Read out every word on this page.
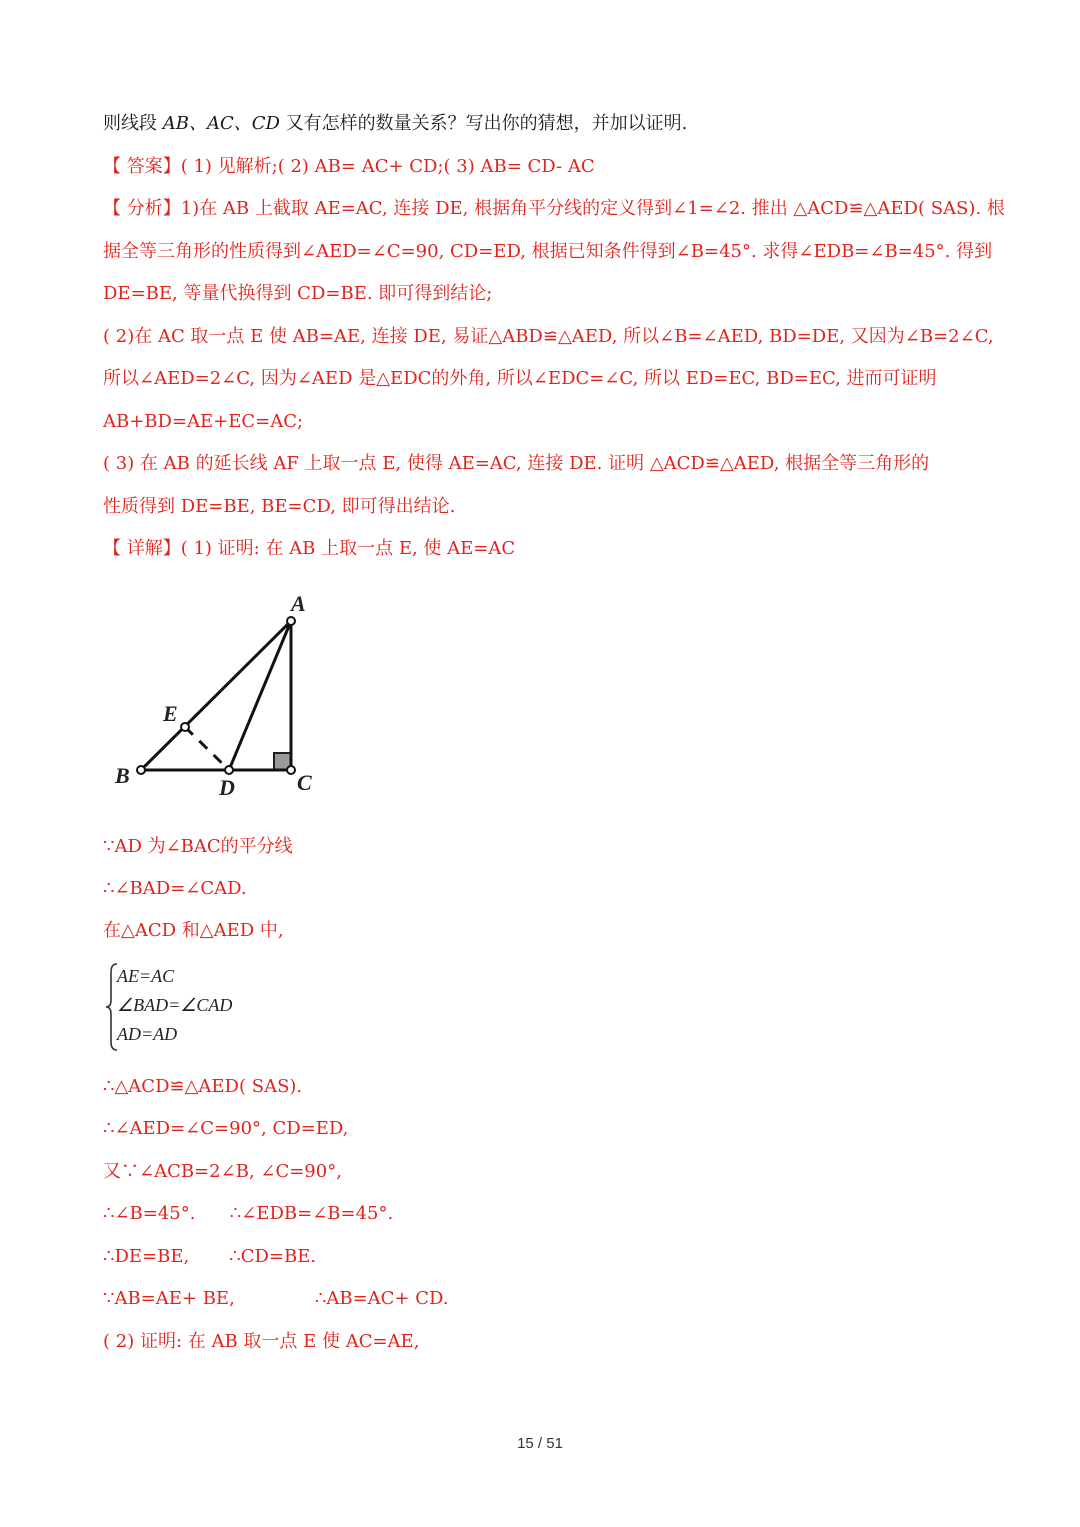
则线段 AB、AC、CD 又有怎样的数量关系？写出你的猜想，并加以证明.
【 答案】( 1) 见解析;( 2) AB= AC+ CD;( 3) AB= CD- AC
【 分析】1)在 AB 上截取 AE=AC, 连接 DE, 根据角平分线的定义得到∠1=∠2. 推出 △ACD≌△AED( SAS). 根
据全等三角形的性质得到∠AED=∠C=90, CD=ED, 根据已知条件得到∠B=45°. 求得∠EDB=∠B=45°. 得到
DE=BE, 等量代换得到 CD=BE. 即可得到结论;
( 2)在 AC 取一点 E 使 AB=AE, 连接 DE, 易证△ABD≌△AED, 所以∠B=∠AED, BD=DE, 又因为∠B=2∠C,
所以∠AED=2∠C, 因为∠AED 是△EDC的外角, 所以∠EDC=∠C, 所以 ED=EC, BD=EC, 进而可证明
AB+BD=AE+EC=AC;
( 3) 在 AB 的延长线 AF 上取一点 E, 使得 AE=AC, 连接 DE. 证明 △ACD≌△AED, 根据全等三角形的
性质得到 DE=BE, BE=CD, 即可得出结论.
【 详解】( 1) 证明: 在 AB 上取一点 E, 使 AE=AC
A
E
B	D	C
∵AD 为∠BAC的平分线
∴∠BAD=∠CAD.
在△ACD 和△AED 中,
AE=AC
∠BAD=∠CAD
AD=AD
∴△ACD≌△AED( SAS).
∴∠AED=∠C=90°, CD=ED,
又∵∠ACB=2∠B, ∠C=90°,
∴∠B=45°.      ∴∠EDB=∠B=45°.
∴DE=BE,       ∴CD=BE.
∵AB=AE+ BE,              ∴AB=AC+ CD.
( 2) 证明: 在 AB 取一点 E 使 AC=AE,
15 / 51
